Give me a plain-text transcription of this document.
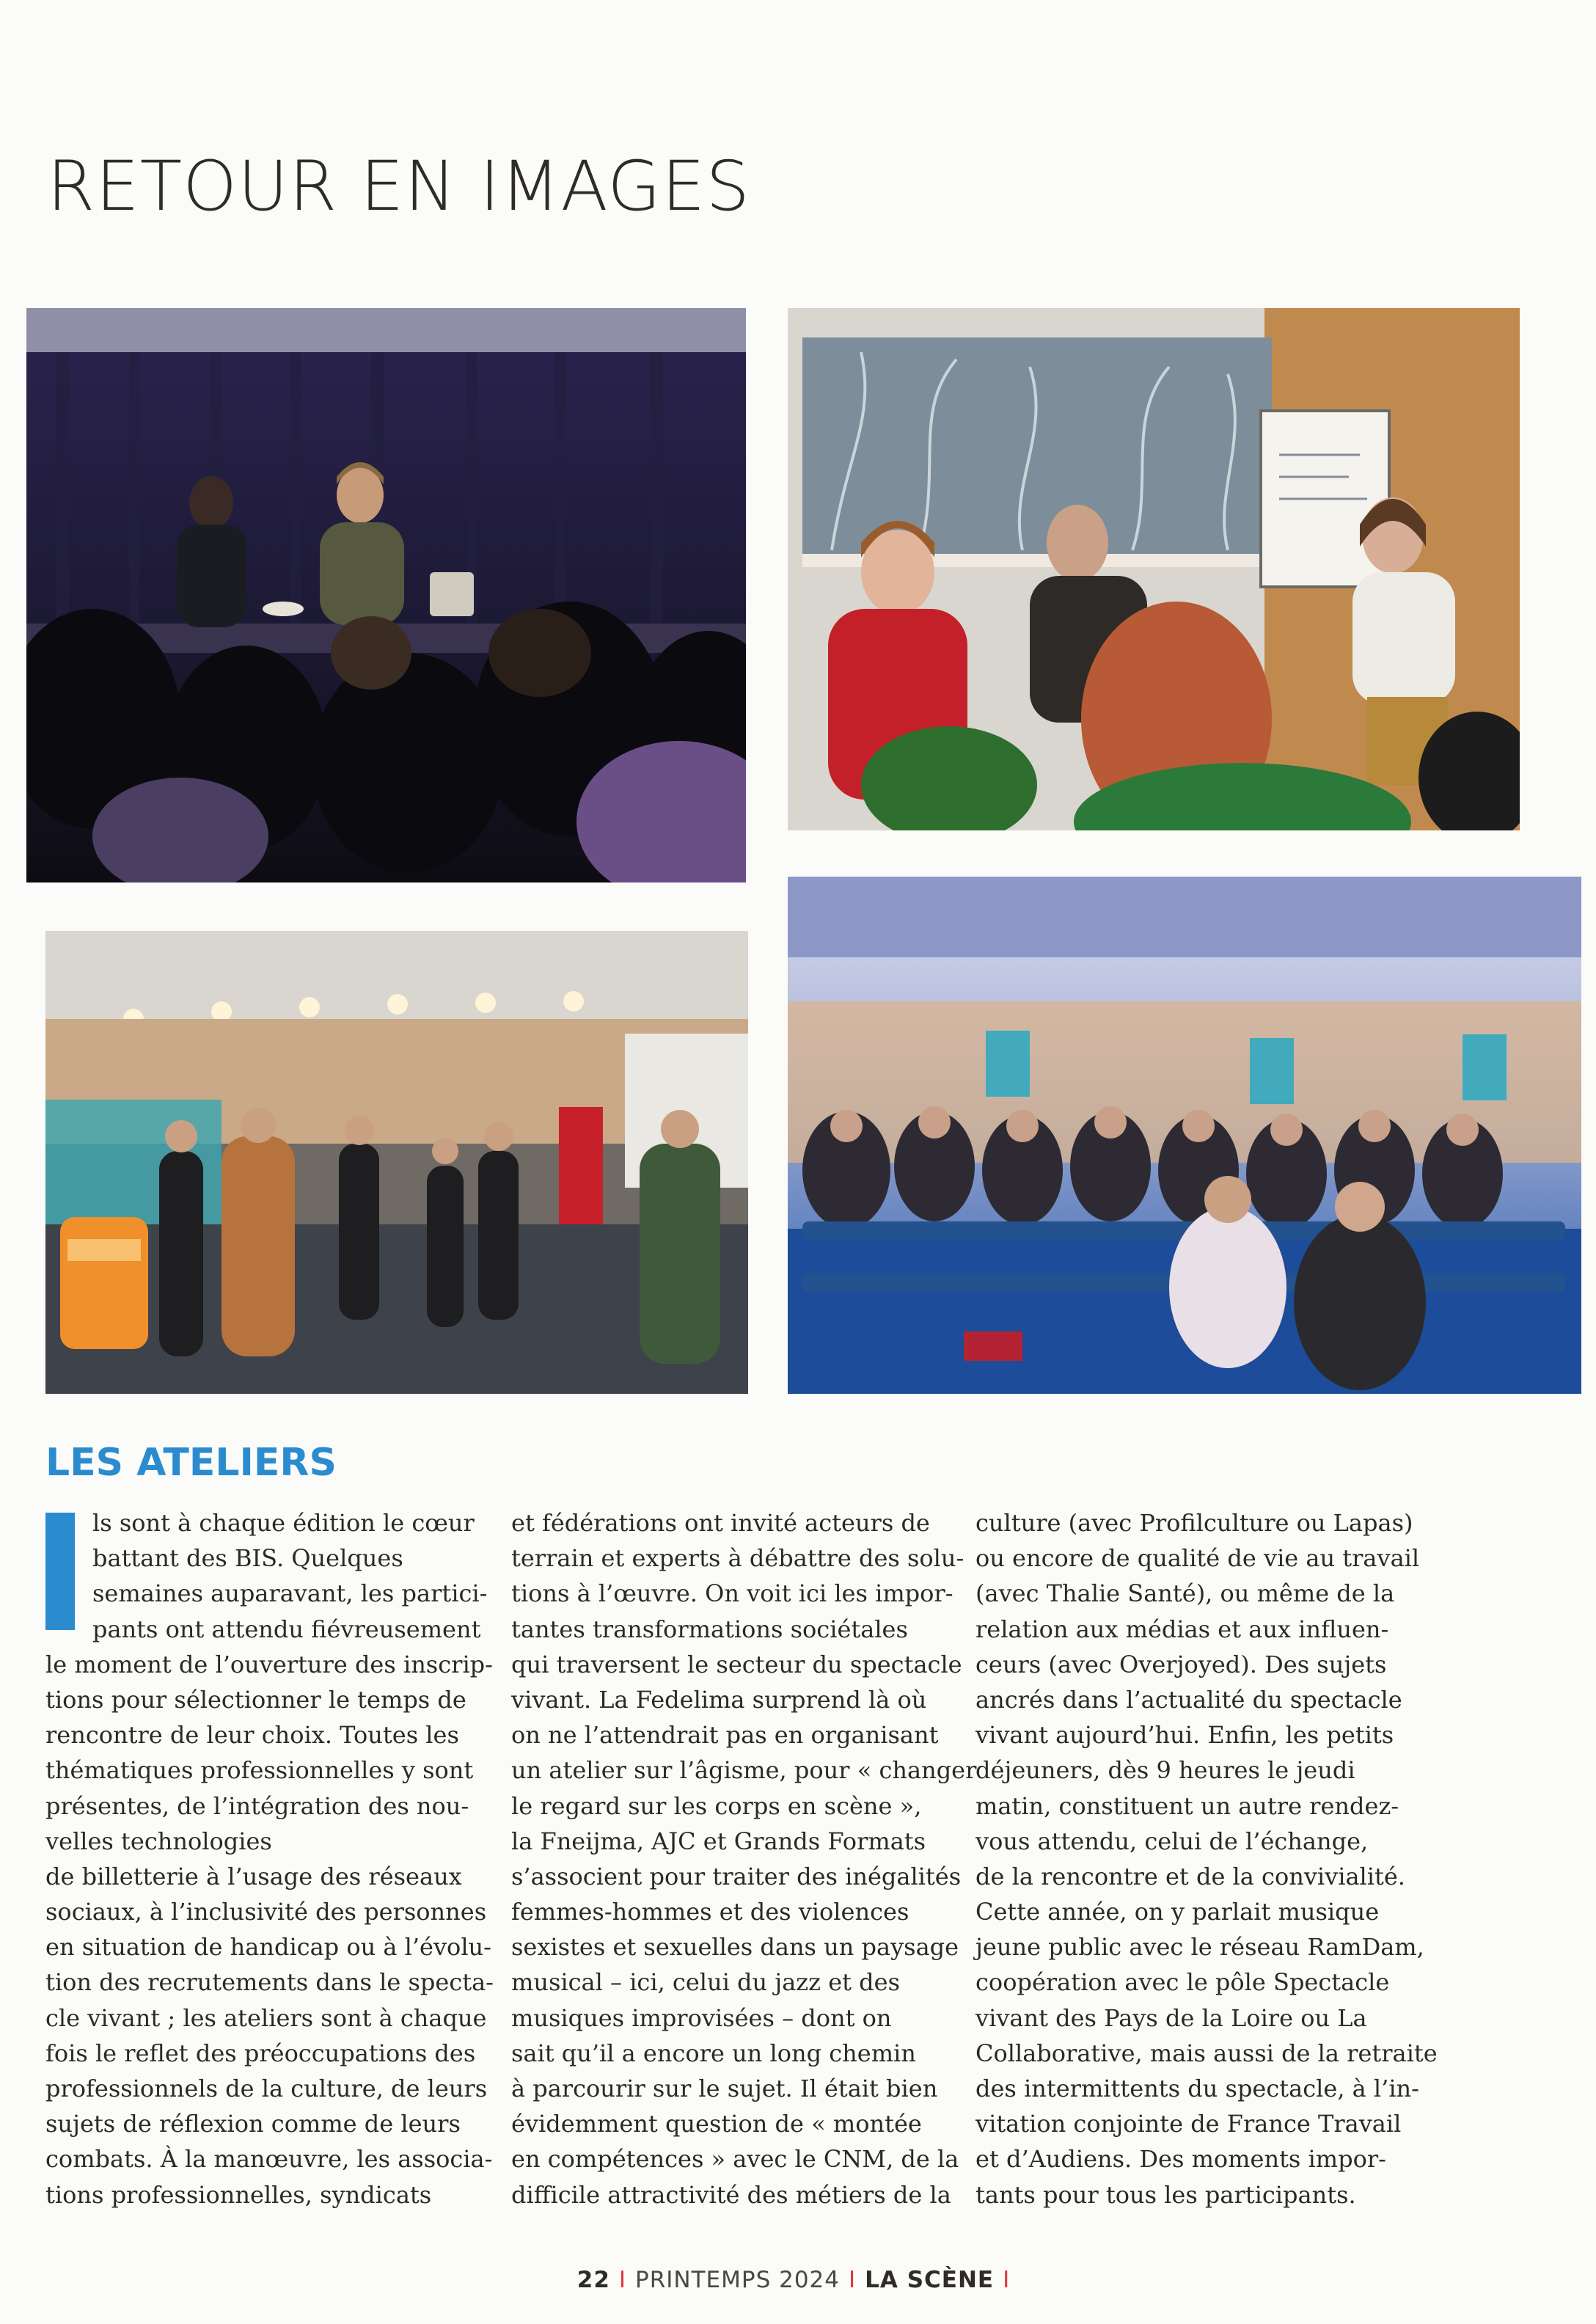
RETOUR EN IMAGES
LES ATELIERS
ls sont à chaque édition le cœur
battant des BIS. Quelques
semaines auparavant, les partici-
pants ont attendu fiévreusement
le moment de l’ouverture des inscrip-
tions pour sélectionner le temps de
rencontre de leur choix. Toutes les
thématiques professionnelles y sont
présentes, de l’intégration des nou-
velles technologies
de billetterie à l’usage des réseaux
sociaux, à l’inclusivité des personnes
en situation de handicap ou à l’évolu-
tion des recrutements dans le specta-
cle vivant ; les ateliers sont à chaque
fois le reflet des préoccupations des
professionnels de la culture, de leurs
sujets de réflexion comme de leurs
combats. À la manœuvre, les associa-
tions professionnelles, syndicats
et fédérations ont invité acteurs de
terrain et experts à débattre des solu-
tions à l’œuvre. On voit ici les impor-
tantes transformations sociétales
qui traversent le secteur du spectacle
vivant. La Fedelima surprend là où
on ne l’attendrait pas en organisant
un atelier sur l’âgisme, pour « changer
le regard sur les corps en scène »,
la Fneijma, AJC et Grands Formats
s’associent pour traiter des inégalités
femmes-hommes et des violences
sexistes et sexuelles dans un paysage
musical – ici, celui du jazz et des
musiques improvisées – dont on
sait qu’il a encore un long chemin
à parcourir sur le sujet. Il était bien
évidemment question de « montée
en compétences » avec le CNM, de la
difficile attractivité des métiers de la
culture (avec Profilculture ou Lapas)
ou encore de qualité de vie au travail
(avec Thalie Santé), ou même de la
relation aux médias et aux influen-
ceurs (avec Overjoyed). Des sujets
ancrés dans l’actualité du spectacle
vivant aujourd’hui. Enfin, les petits
déjeuners, dès 9 heures le jeudi
matin, constituent un autre rendez-
vous attendu, celui de l’échange,
de la rencontre et de la convivialité.
Cette année, on y parlait musique
jeune public avec le réseau RamDam,
coopération avec le pôle Spectacle
vivant des Pays de la Loire ou La
Collaborative, mais aussi de la retraite
des intermittents du spectacle, à l’in-
vitation conjointe de France Travail
et d’Audiens. Des moments impor-
tants pour tous les participants.
22 I PRINTEMPS 2024 I LA SCÈNE I
